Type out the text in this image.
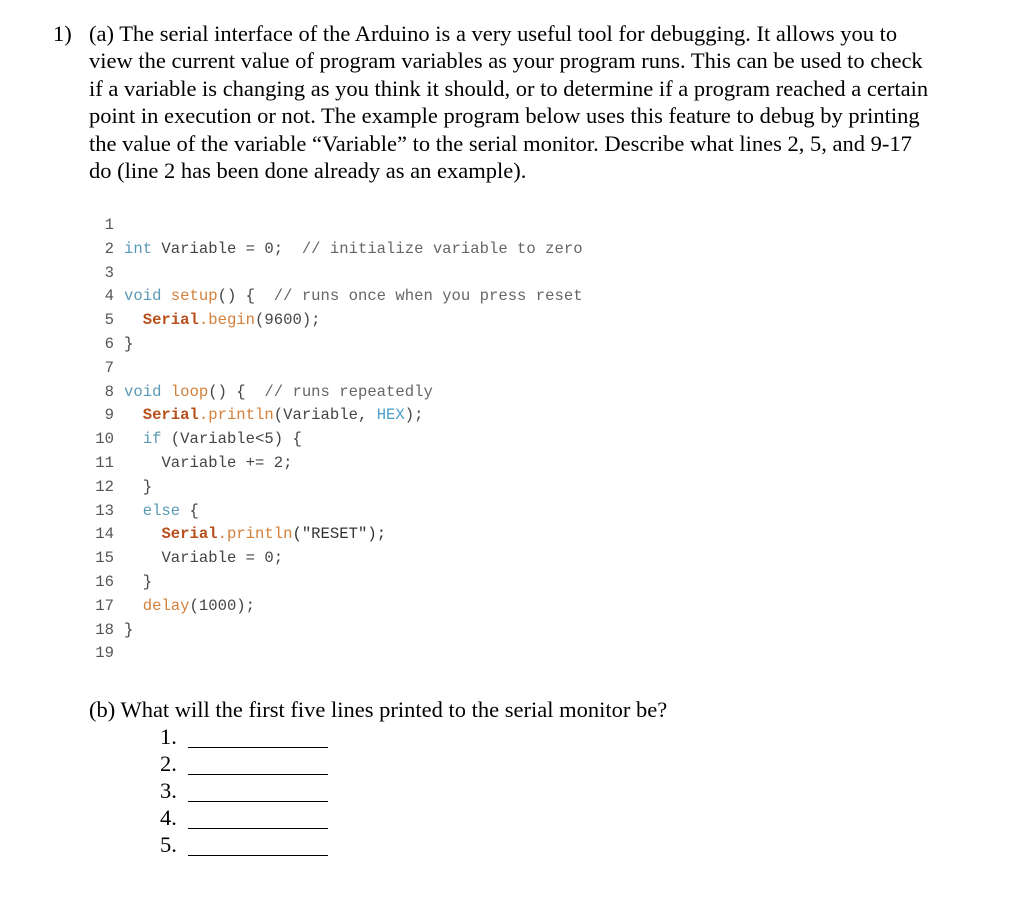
1) (a) The serial interface of the Arduino is a very useful tool for debugging. It allows you to
view the current value of program variables as your program runs. This can be used to check
if a variable is changing as you think it should, or to determine if a program reached a certain
point in execution or not. The example program below uses this feature to debug by printing
the value of the variable “Variable” to the serial monitor. Describe what lines 2, 5, and 9-17
do (line 2 has been done already as an example).
1
2 int Variable = 0;  // initialize variable to zero
3
4 void setup() {  // runs once when you press reset
5 Serial.begin(9600);
6 }
7
8 void loop() {  // runs repeatedly
9 Serial.println(Variable, HEX);
10 if (Variable<5) {
11	Variable += 2;
12 }
13 else {
14	Serial.println("RESET");
15	Variable = 0;
16 }
17 delay(1000);
18 }
19
(b) What will the first five lines printed to the serial monitor be?
1.
2.
3.
4.
5.
